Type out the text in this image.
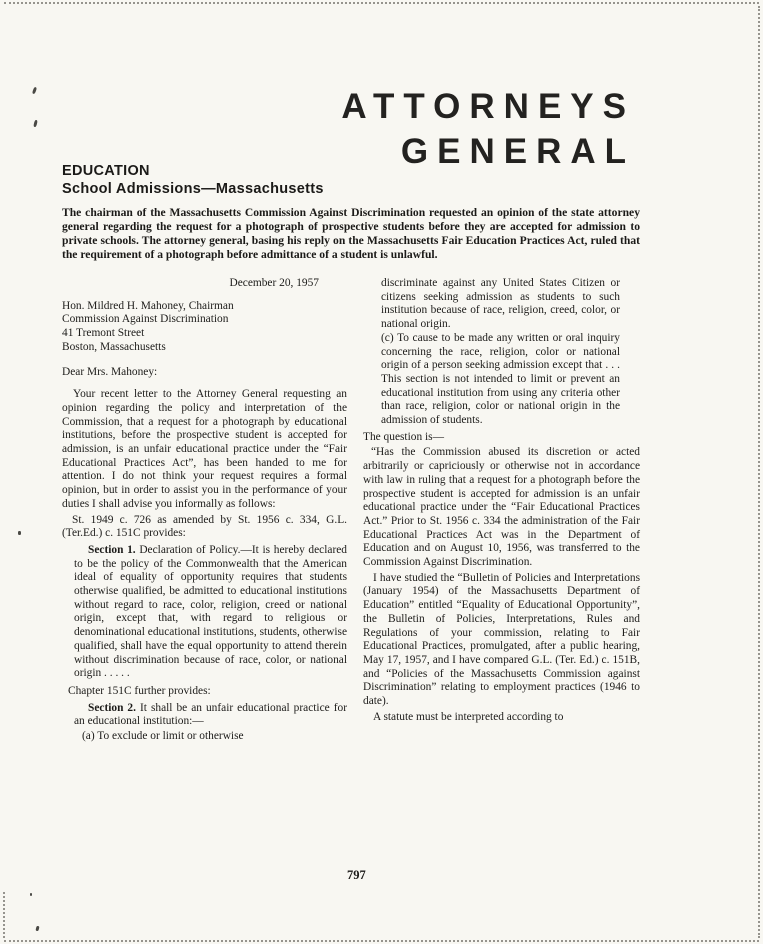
ATTORNEYS
GENERAL
EDUCATION
School Admissions—Massachusetts
The chairman of the Massachusetts Commission Against Discrimination requested an opinion of the state attorney general regarding the request for a photograph of prospective students before they are accepted for admission to private schools. The attorney general, basing his reply on the Massachusetts Fair Education Practices Act, ruled that the requirement of a photograph before admittance of a student is unlawful.
December 20, 1957
Hon. Mildred H. Mahoney, Chairman
Commission Against Discrimination
41 Tremont Street
Boston, Massachusetts
Dear Mrs. Mahoney:

Your recent letter to the Attorney General requesting an opinion regarding the policy and interpretation of the Commission, that a request for a photograph by educational institutions, before the prospective student is accepted for admission, is an unfair educational practice under the “Fair Educational Practices Act”, has been handed to me for attention. I do not think your request requires a formal opinion, but in order to assist you in the performance of your duties I shall advise you informally as follows:

St. 1949 c. 726 as amended by St. 1956 c. 334, G.L. (Ter.Ed.) c. 151C provides:

Section 1. Declaration of Policy.—It is hereby declared to be the policy of the Commonwealth that the American ideal of equality of opportunity requires that students otherwise qualified, be admitted to educational institutions without regard to race, color, religion, creed or national origin, except that, with regard to religious or denominational educational institutions, students, otherwise qualified, shall have the equal opportunity to attend therein without discrimination because of race, color, or national origin . . . . .

Chapter 151C further provides:

Section 2. It shall be an unfair educational practice for an educational institution:—

(a) To exclude or limit or otherwise

discriminate against any United States Citizen or citizens seeking admission as students to such institution because of race, religion, creed, color, or national origin.

(c) To cause to be made any written or oral inquiry concerning the race, religion, color or national origin of a person seeking admission except that . . . This section is not intended to limit or prevent an educational institution from using any criteria other than race, religion, color or national origin in the admission of students.

The question is—

“Has the Commission abused its discretion or acted arbitrarily or capriciously or otherwise not in accordance with law in ruling that a request for a photograph before the prospective student is accepted for admission is an unfair educational practice under the “Fair Educational Practices Act.” Prior to St. 1956 c. 334 the administration of the Fair Educational Practices Act was in the Department of Education and on August 10, 1956, was transferred to the Commission Against Discrimination.

I have studied the “Bulletin of Policies and Interpretations (January 1954) of the Massachusetts Department of Education” entitled “Equality of Educational Opportunity”, the Bulletin of Policies, Interpretations, Rules and Regulations of your commission, relating to Fair Educational Practices, promulgated, after a public hearing, May 17, 1957, and I have compared G.L. (Ter. Ed.) c. 151B, and “Policies of the Massachusetts Commission against Discrimination” relating to employment practices (1946 to date).

A statute must be interpreted according to

797
